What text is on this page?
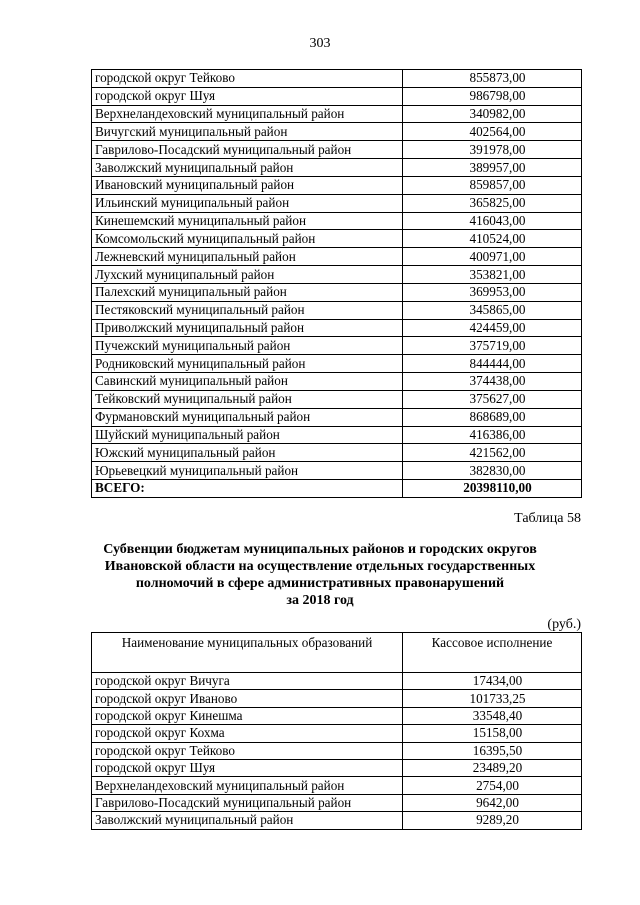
303
городской округ Тейково	855873,00
городской округ Шуя	986798,00
Верхнеландеховский муниципальный район	340982,00
Вичугский муниципальный район	402564,00
Гаврилово-Посадский муниципальный район	391978,00
Заволжский муниципальный район	389957,00
Ивановский муниципальный район	859857,00
Ильинский муниципальный район	365825,00
Кинешемский муниципальный район	416043,00
Комсомольский муниципальный район	410524,00
Лежневский муниципальный район	400971,00
Лухский муниципальный район	353821,00
Палехский муниципальный район	369953,00
Пестяковский муниципальный район	345865,00
Приволжский муниципальный район	424459,00
Пучежский муниципальный район	375719,00
Родниковский муниципальный район	844444,00
Савинский муниципальный район	374438,00
Тейковский муниципальный район	375627,00
Фурмановский муниципальный район	868689,00
Шуйский муниципальный район	416386,00
Южский муниципальный район	421562,00
Юрьевецкий муниципальный район	382830,00
ВСЕГО:	20398110,00
Таблица 58
Субвенции бюджетам муниципальных районов и городских округов
Ивановской области на осуществление отдельных государственных
полномочий в сфере административных правонарушений
за 2018 год
(руб.)
Наименование муниципальных образований	Кассовое исполнение
городской округ Вичуга	17434,00
городской округ Иваново	101733,25
городской округ Кинешма	33548,40
городской округ Кохма	15158,00
городской округ Тейково	16395,50
городской округ Шуя	23489,20
Верхнеландеховский муниципальный район	2754,00
Гаврилово-Посадский муниципальный район	9642,00
Заволжский муниципальный район	9289,20
